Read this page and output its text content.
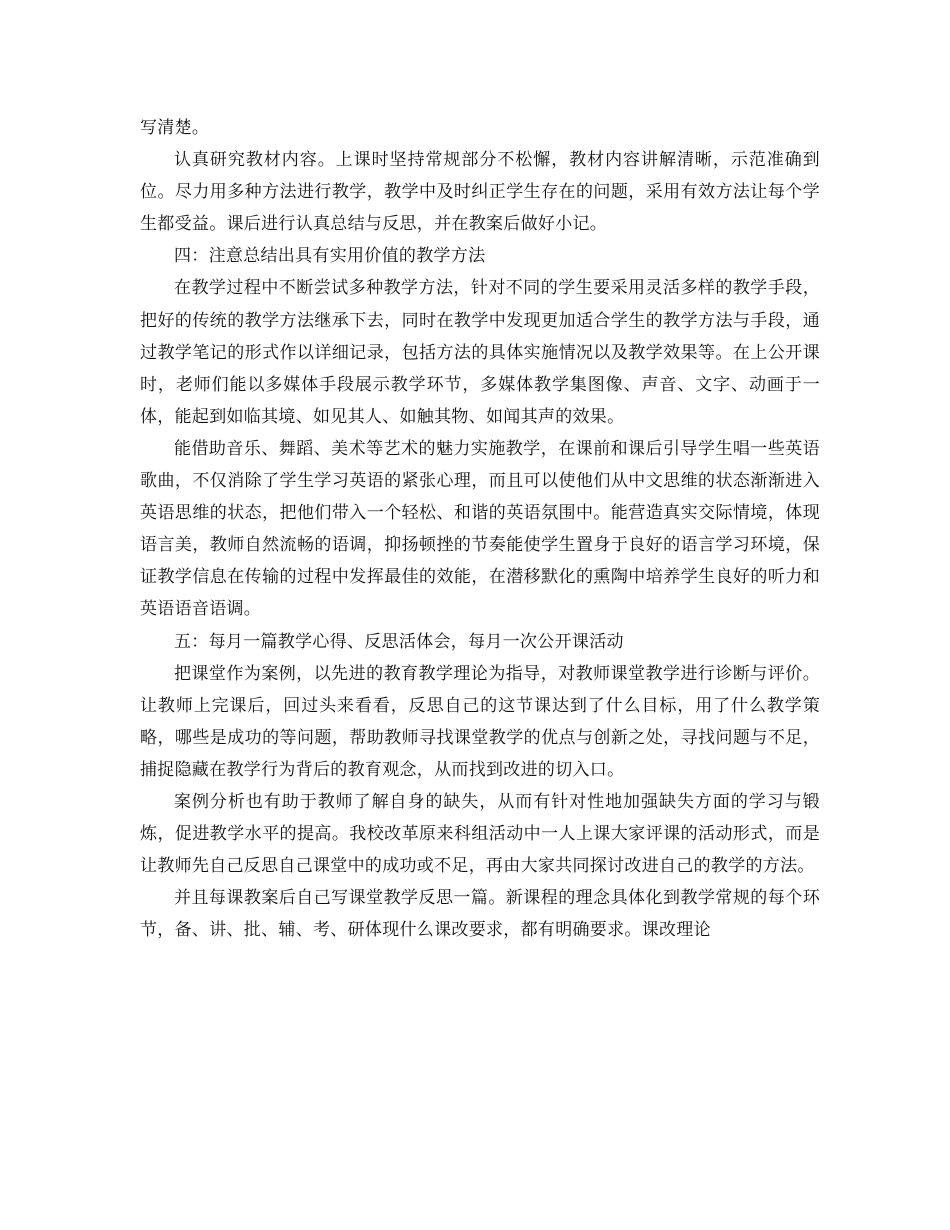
写清楚。

认真研究教材内容。上课时坚持常规部分不松懈，教材内容讲解清晰，示范准确到位。尽力用多种方法进行教学，教学中及时纠正学生存在的问题，采用有效方法让每个学生都受益。课后进行认真总结与反思，并在教案后做好小记。

四：注意总结出具有实用价值的教学方法

在教学过程中不断尝试多种教学方法，针对不同的学生要采用灵活多样的教学手段，把好的传统的教学方法继承下去，同时在教学中发现更加适合学生的教学方法与手段，通过教学笔记的形式作以详细记录，包括方法的具体实施情况以及教学效果等。在上公开课时，老师们能以多媒体手段展示教学环节，多媒体教学集图像、声音、文字、动画于一体，能起到如临其境、如见其人、如触其物、如闻其声的效果。

能借助音乐、舞蹈、美术等艺术的魅力实施教学，在课前和课后引导学生唱一些英语歌曲，不仅消除了学生学习英语的紧张心理，而且可以使他们从中文思维的状态渐渐进入英语思维的状态，把他们带入一个轻松、和谐的英语氛围中。能营造真实交际情境，体现语言美，教师自然流畅的语调，抑扬顿挫的节奏能使学生置身于良好的语言学习环境，保证教学信息在传输的过程中发挥最佳的效能，在潜移默化的熏陶中培养学生良好的听力和英语语音语调。

五：每月一篇教学心得、反思活体会，每月一次公开课活动

把课堂作为案例，以先进的教育教学理论为指导，对教师课堂教学进行诊断与评价。让教师上完课后，回过头来看看，反思自己的这节课达到了什么目标，用了什么教学策略，哪些是成功的等问题，帮助教师寻找课堂教学的优点与创新之处，寻找问题与不足，捕捉隐藏在教学行为背后的教育观念，从而找到改进的切入口。

案例分析也有助于教师了解自身的缺失，从而有针对性地加强缺失方面的学习与锻炼，促进教学水平的提高。我校改革原来科组活动中一人上课大家评课的活动形式，而是让教师先自己反思自己课堂中的成功或不足，再由大家共同探讨改进自己的教学的方法。

并且每课教案后自己写课堂教学反思一篇。新课程的理念具体化到教学常规的每个环节，备、讲、批、辅、考、研体现什么课改要求，都有明确要求。课改理论
